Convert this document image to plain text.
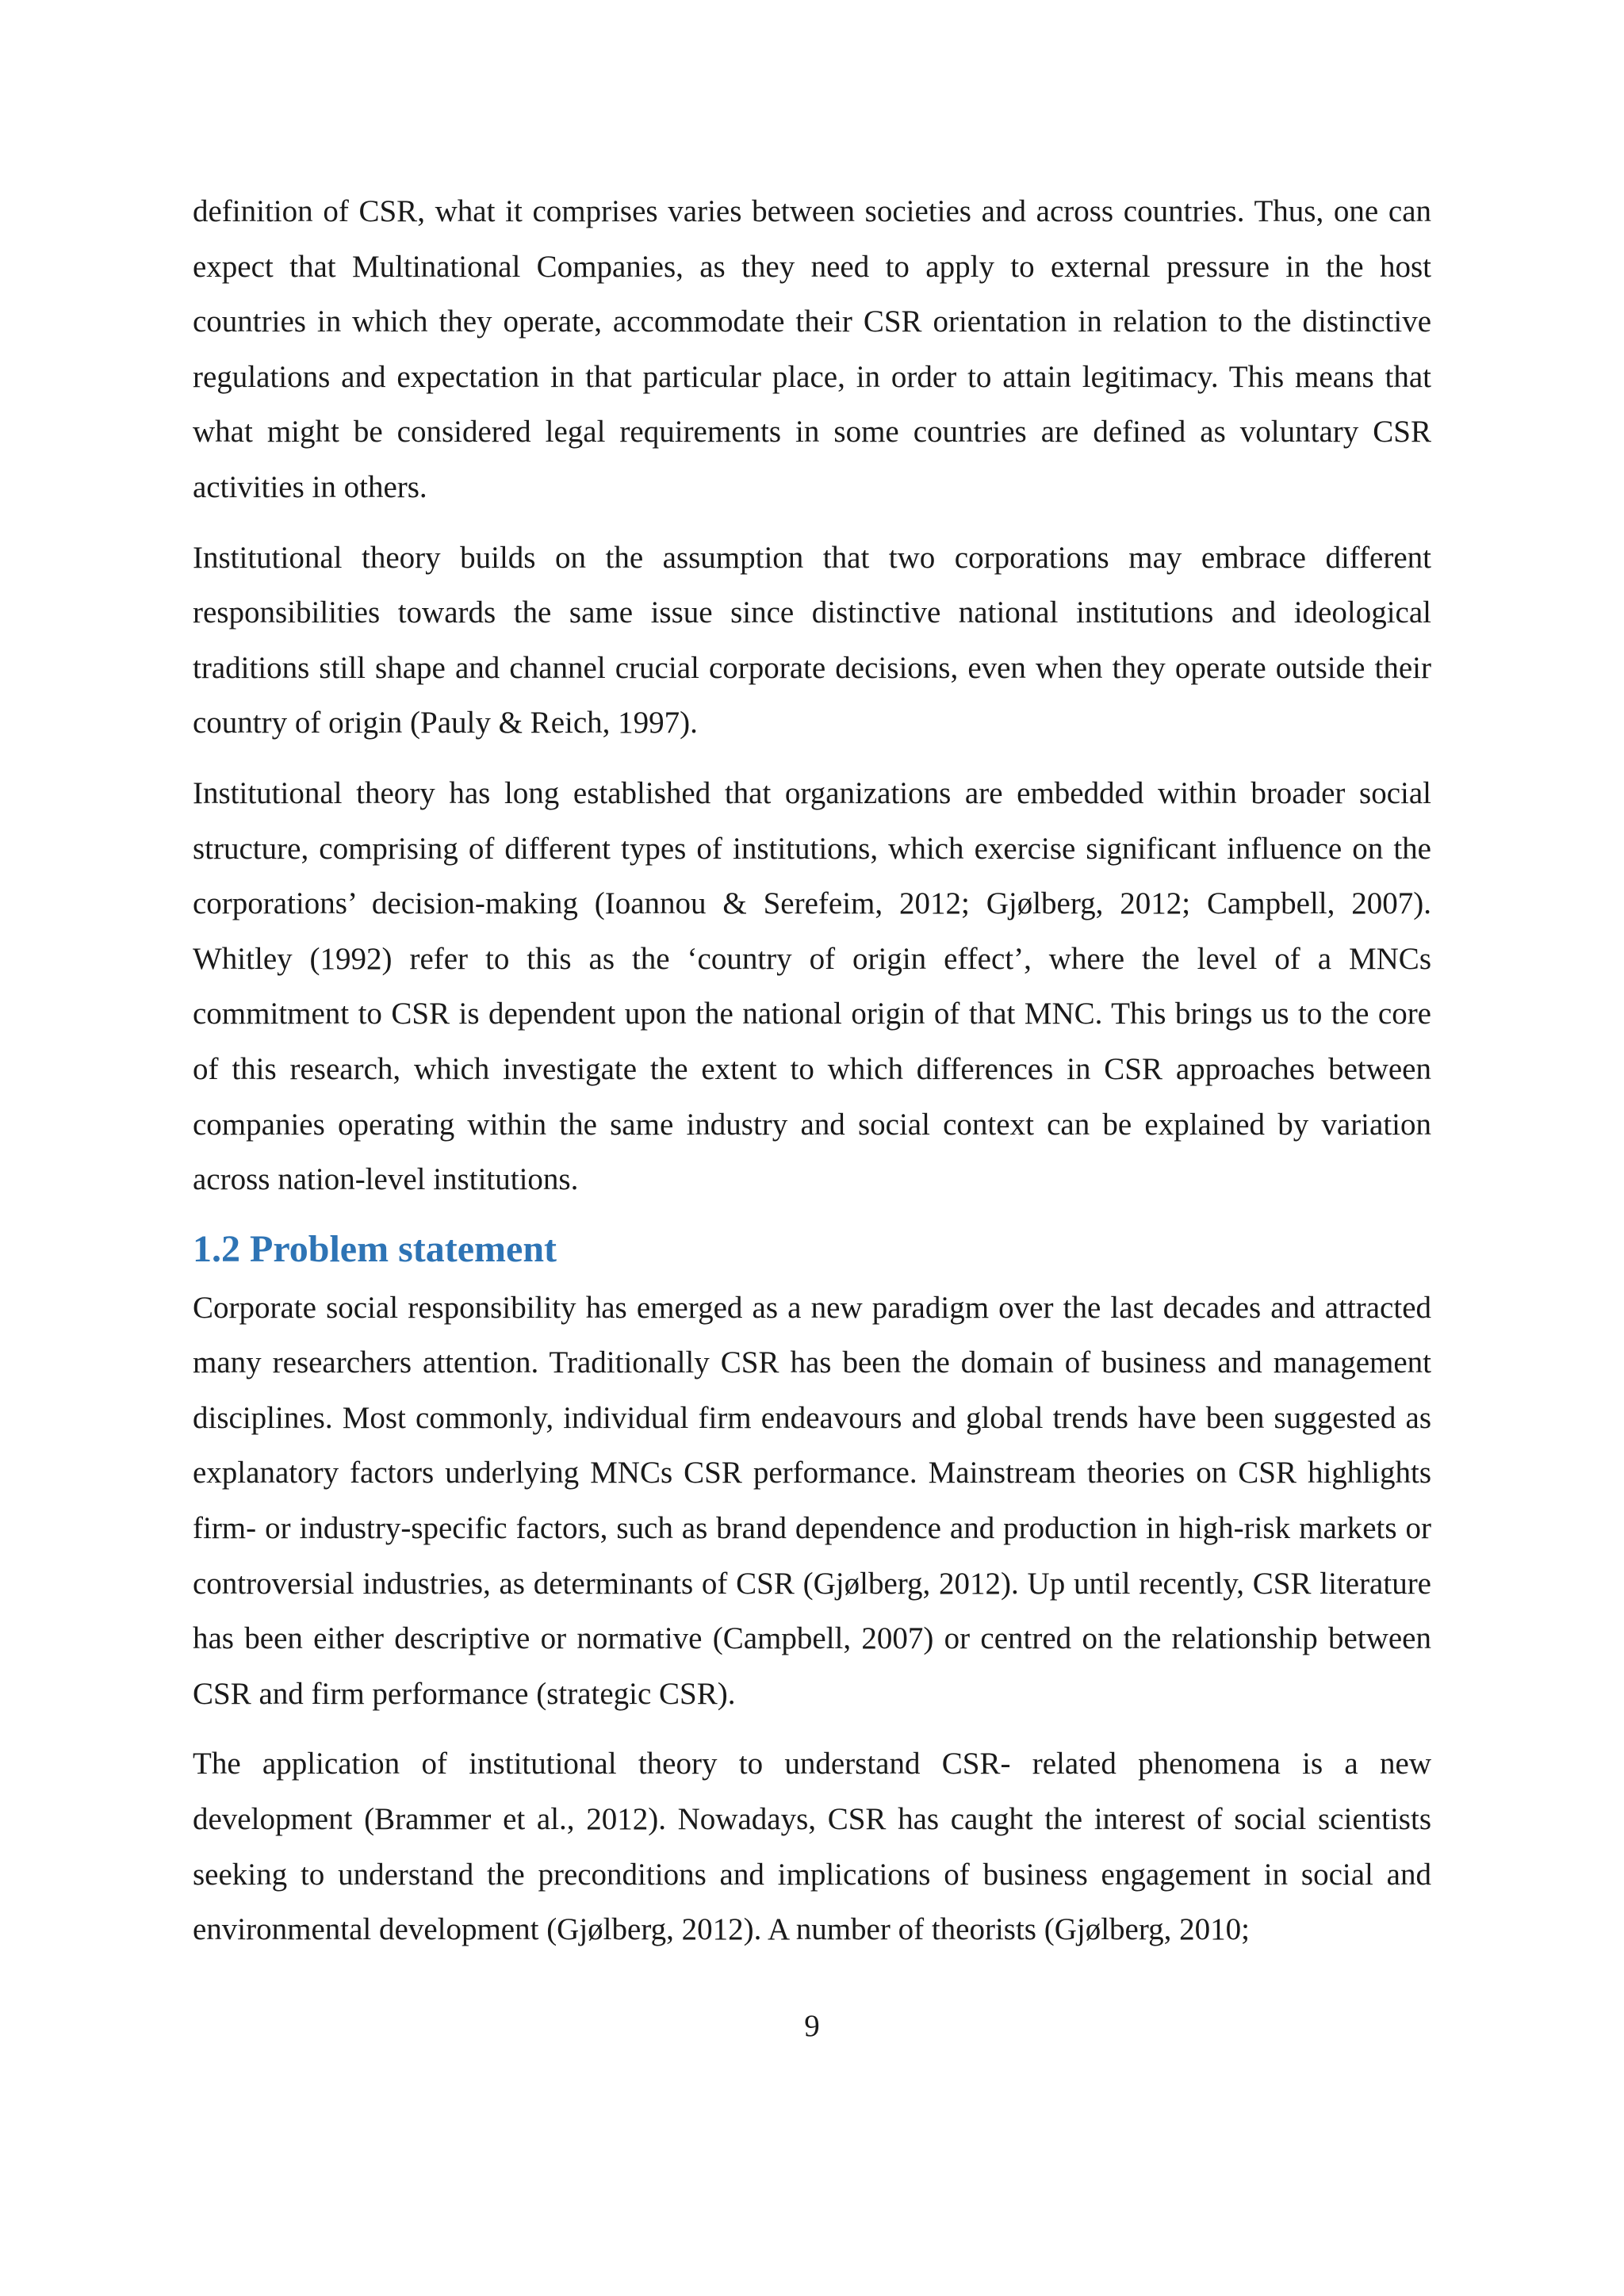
definition of CSR, what it comprises varies between societies and across countries. Thus, one can expect that Multinational Companies, as they need to apply to external pressure in the host countries in which they operate, accommodate their CSR orientation in relation to the distinctive regulations and expectation in that particular place, in order to attain legitimacy. This means that what might be considered legal requirements in some countries are defined as voluntary CSR activities in others.

Institutional theory builds on the assumption that two corporations may embrace different responsibilities towards the same issue since distinctive national institutions and ideological traditions still shape and channel crucial corporate decisions, even when they operate outside their country of origin (Pauly & Reich, 1997).

Institutional theory has long established that organizations are embedded within broader social structure, comprising of different types of institutions, which exercise significant influence on the corporations’ decision-making (Ioannou & Serefeim, 2012; Gjølberg, 2012; Campbell, 2007). Whitley (1992) refer to this as the ‘country of origin effect’, where the level of a MNCs commitment to CSR is dependent upon the national origin of that MNC. This brings us to the core of this research, which investigate the extent to which differences in CSR approaches between companies operating within the same industry and social context can be explained by variation across nation-level institutions.

1.2 Problem statement

Corporate social responsibility has emerged as a new paradigm over the last decades and attracted many researchers attention. Traditionally CSR has been the domain of business and management disciplines. Most commonly, individual firm endeavours and global trends have been suggested as explanatory factors underlying MNCs CSR performance. Mainstream theories on CSR highlights firm- or industry-specific factors, such as brand dependence and production in high-risk markets or controversial industries, as determinants of CSR (Gjølberg, 2012). Up until recently, CSR literature has been either descriptive or normative (Campbell, 2007) or centred on the relationship between CSR and firm performance (strategic CSR).

The application of institutional theory to understand CSR- related phenomena is a new development (Brammer et al., 2012). Nowadays, CSR has caught the interest of social scientists seeking to understand the preconditions and implications of business engagement in social and environmental development (Gjølberg, 2012). A number of theorists (Gjølberg, 2010;

9
